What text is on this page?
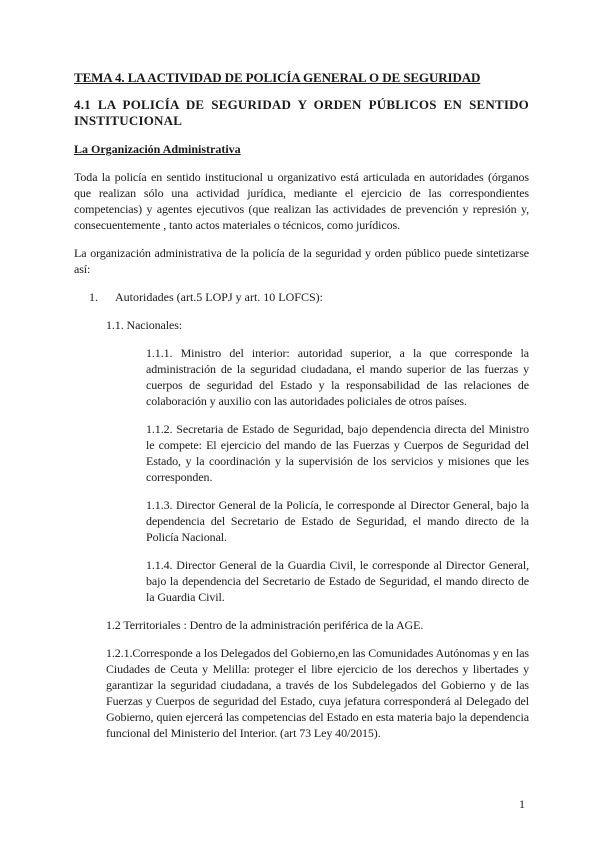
TEMA 4. LA ACTIVIDAD DE POLICÍA GENERAL O DE SEGURIDAD
4.1 LA POLICÍA DE SEGURIDAD Y ORDEN PÚBLICOS EN SENTIDO INSTITUCIONAL
La Organización Administrativa

Toda la policía en sentido institucional u organizativo está articulada en autoridades (órganos que realizan sólo una actividad jurídica, mediante el ejercicio de las correspondientes competencias) y agentes ejecutivos (que realizan las actividades de prevención y represión y, consecuentemente , tanto actos materiales o técnicos, como jurídicos.

La organización administrativa de la policía de la seguridad y orden público puede sintetizarse así:

1.	Autoridades (art.5 LOPJ y art. 10 LOFCS):

1.1. Nacionales:

1.1.1. Ministro del interior: autoridad superior, a la que corresponde la administración de la seguridad ciudadana, el mando superior de las fuerzas y cuerpos de seguridad del Estado y la responsabilidad de las relaciones de colaboración y auxilio con las autoridades policiales de otros países.

1.1.2. Secretaria de Estado de Seguridad, bajo dependencia directa del Ministro le compete: El ejercicio del mando de las Fuerzas y Cuerpos de Seguridad del Estado, y la coordinación y la supervisión de los servicios y misiones que les corresponden.

1.1.3. Director General de la Policía, le corresponde al Director General, bajo la dependencia del Secretario de Estado de Seguridad, el mando directo de la Policía Nacional.

1.1.4. Director General de la Guardia Civil, le corresponde al Director General, bajo la dependencia del Secretario de Estado de Seguridad, el mando directo de la Guardia Civil.

1.2 Territoriales : Dentro de la administración periférica de la AGE.

1.2.1.Corresponde a los Delegados del Gobierno,en las Comunidades Autónomas y en las Ciudades de Ceuta y Melilla: proteger el libre ejercicio de los derechos y libertades y garantizar la seguridad ciudadana, a través de los Subdelegados del Gobierno y de las Fuerzas y Cuerpos de seguridad del Estado, cuya jefatura corresponderá al Delegado del Gobierno, quien ejercerá las competencias del Estado en esta materia bajo la dependencia funcional del Ministerio del Interior. (art 73 Ley 40/2015).

1
